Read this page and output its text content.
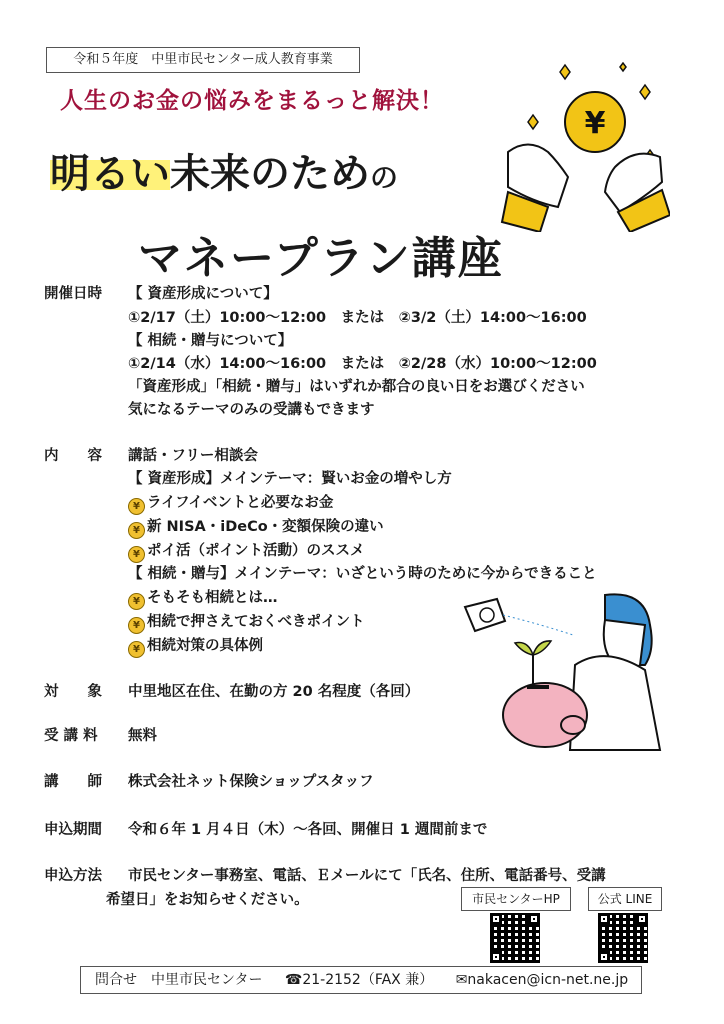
令和５年度　中里市民センター成人教育事業
人生のお金の悩みをまるっと解決！
明るい未来のための
マネープラン講座
¥
開催日時 【 資産形成について】
①2/17（土）10:00～12:00　または　②3/2（土）14:00～16:00
【 相続・贈与について】
①2/14（水）14:00～16:00　または　②2/28（水）10:00～12:00
「資産形成」「相続・贈与」はいずれか都合の良い日をお選びください
気になるテーマのみの受講もできます
内　　容 講話・フリー相談会
【 資産形成】メインテーマ：賢いお金の増やし方
¥ ライフイベントと必要なお金
¥ 新 NISA・iDeCo・変額保険の違い
¥ ポイ活（ポイント活動）のススメ
【 相続・贈与】メインテーマ：いざという時のために今からできること
¥ そもそも相続とは…
¥ 相続で押さえておくべきポイント
¥ 相続対策の具体例
対　　象 中里地区在住、在勤の方 20 名程度（各回）
受 講 料 無料
講　　師 株式会社ネット保険ショップスタッフ
申込期間 令和６年 1 月４日（木）～各回、開催日 1 週間前まで
申込方法 市民センター事務室、電話、Ｅメールにて「氏名、住所、電話番号、受講
希望日」をお知らせください。	市民センターHP	公式 LINE
問合せ　中里市民センター ☎21-2152（FAX 兼） ✉nakacen@icn-net.ne.jp
